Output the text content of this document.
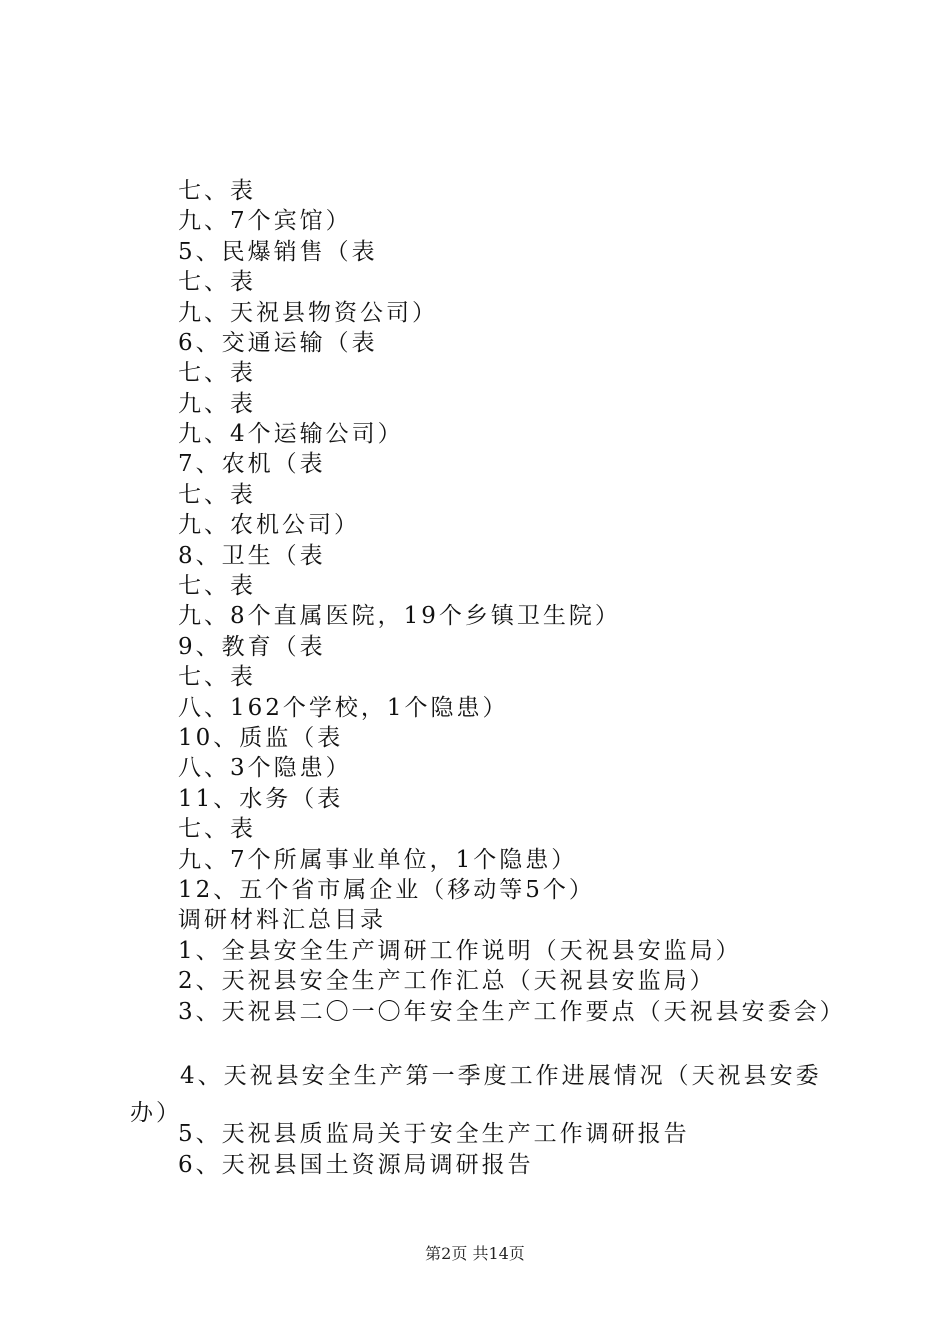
七、表
九、7个宾馆）
5、民爆销售（表
七、表
九、天祝县物资公司）
6、交通运输（表
七、表
九、表
九、4个运输公司）
7、农机（表
七、表
九、农机公司）
8、卫生（表
七、表
九、8个直属医院，19个乡镇卫生院）
9、教育（表
七、表
八、162个学校，1个隐患）
10、质监（表
八、3个隐患）
11、水务（表
七、表
九、7个所属事业单位，1个隐患）
12、五个省市属企业（移动等5个）
调研材料汇总目录
1、全县安全生产调研工作说明（天祝县安监局）
2、天祝县安全生产工作汇总（天祝县安监局）
3、天祝县二〇一〇年安全生产工作要点（天祝县安委会）
4、天祝县安全生产第一季度工作进展情况（天祝县安委
办）
5、天祝县质监局关于安全生产工作调研报告
6、天祝县国土资源局调研报告
第2页 共14页
